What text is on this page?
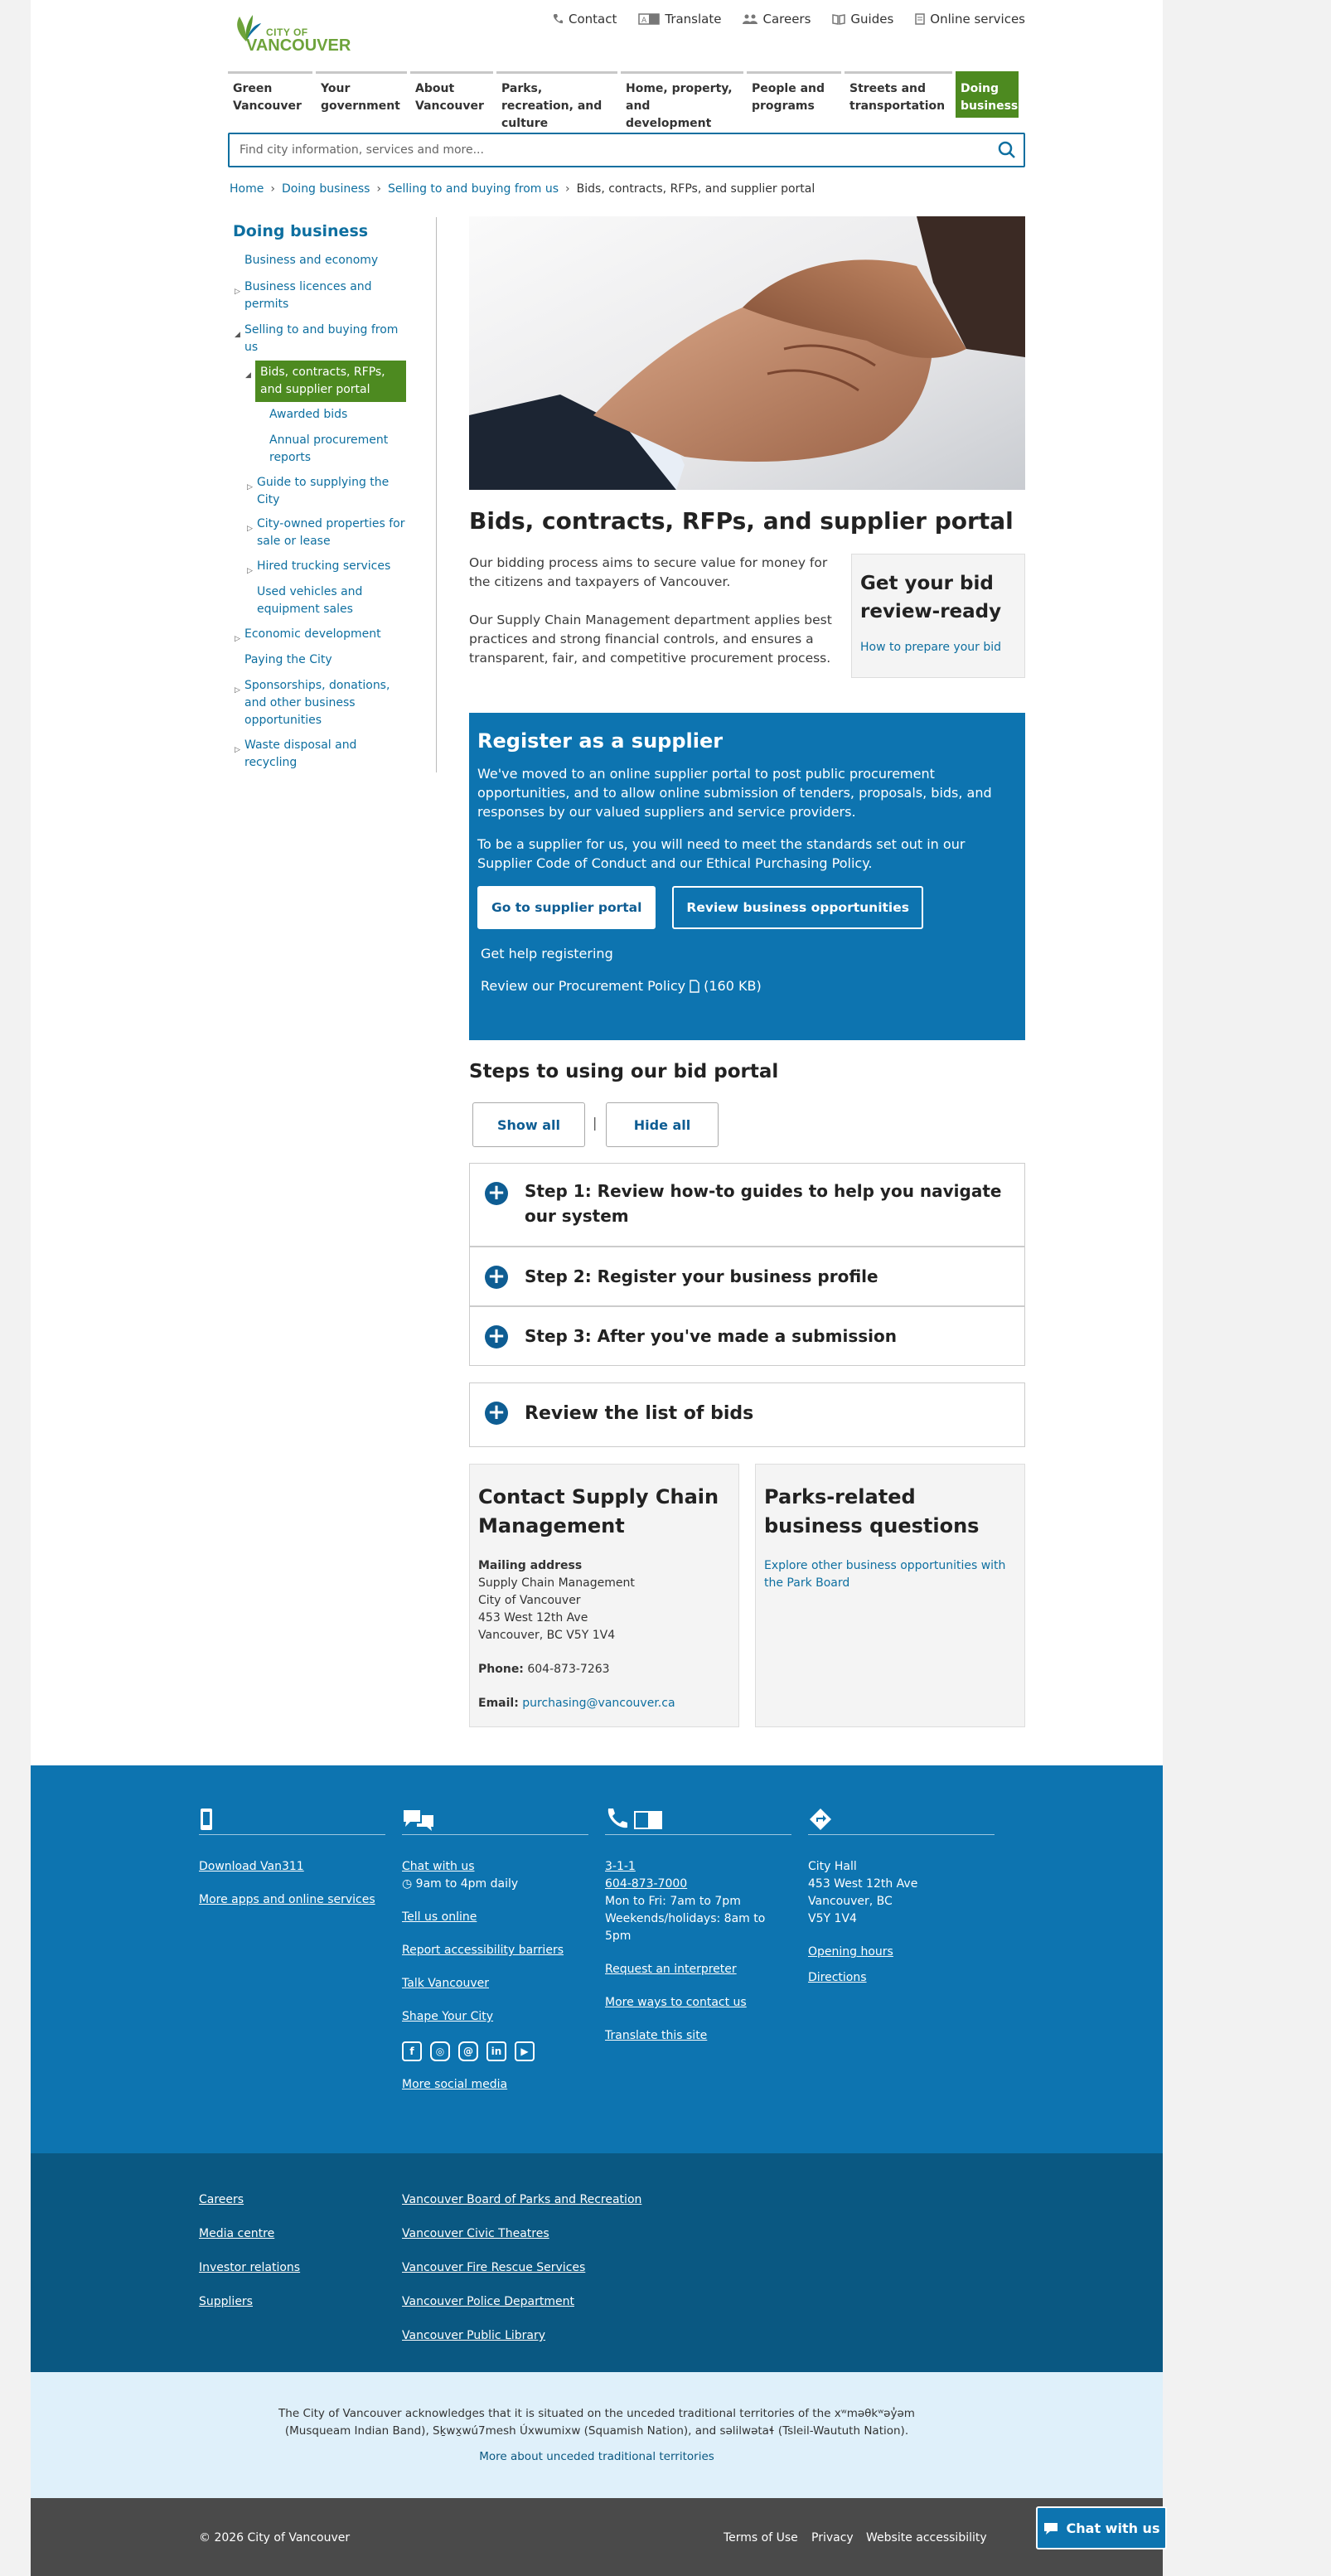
CITY OF
VANCOUVER
Contact	A Translate	Careers	Guides	Online services
Green Vancouver
Your government
About Vancouver
Parks, recreation, and culture
Home, property, and development
People and programs
Streets and transportation
Doing business
Find city information, services and more...
Home › Doing business › Selling to and buying from us › Bids, contracts, RFPs, and supplier portal
Doing business
Business and economy
▷ Business licences and permits
◢ Selling to and buying from us
◢ Bids, contracts, RFPs, and supplier portal
Awarded bids
Annual procurement reports
▷ Guide to supplying the City
▷ City-owned properties for sale or lease
▷ Hired trucking services
Used vehicles and equipment sales
▷ Economic development
Paying the City
▷ Sponsorships, donations, and other business opportunities
▷ Waste disposal and recycling
Bids, contracts, RFPs, and supplier portal

Our bidding process aims to secure value for money for the citizens and taxpayers of Vancouver.

Our Supply Chain Management department applies best practices and strong financial controls, and ensures a transparent, fair, and competitive procurement process.

Get your bid review-ready
How to prepare your bid
Register as a supplier

We've moved to an online supplier portal to post public procurement opportunities, and to allow online submission of tenders, proposals, bids, and responses by our valued suppliers and service providers.

To be a supplier for us, you will need to meet the standards set out in our Supplier Code of Conduct and our Ethical Purchasing Policy.

Go to supplier portal	Review business opportunities
Get help registering
Review our Procurement Policy (160 KB)
Steps to using our bid portal
Show all	|	Hide all
+ Step 1: Review how-to guides to help you navigate our system
+ Step 2: Register your business profile
+ Step 3: After you've made a submission
+ Review the list of bids
Contact Supply Chain Management
Mailing address
Supply Chain Management
City of Vancouver
453 West 12th Ave
Vancouver, BC V5Y 1V4
Phone: 604-873-7263
Email: purchasing@vancouver.ca
Parks-related business questions
Explore other business opportunities with the Park Board
Download Van311
More apps and online services
Chat with us
◷ 9am to 4pm daily
Tell us online
Report accessibility barriers
Talk Vancouver
Shape Your City
f ◎ @ in ▶
More social media
3-1-1
604-873-7000
Mon to Fri: 7am to 7pm
Weekends/holidays: 8am to 5pm
Request an interpreter
More ways to contact us
Translate this site
City Hall
453 West 12th Ave
Vancouver, BC
V5Y 1V4
Opening hours
Directions
Careers
Media centre
Investor relations
Suppliers
Vancouver Board of Parks and Recreation
Vancouver Civic Theatres
Vancouver Fire Rescue Services
Vancouver Police Department
Vancouver Public Library

The City of Vancouver acknowledges that it is situated on the unceded traditional territories of the xʷməθkʷəy̓əm (Musqueam Indian Band), Sḵwx̱wú7mesh Úxwumixw (Squamish Nation), and səlilwətaɬ (Tsleil-Waututh Nation).

More about unceded traditional territories
© 2026 City of Vancouver	Terms of Use Privacy Website accessibility
Chat with us
